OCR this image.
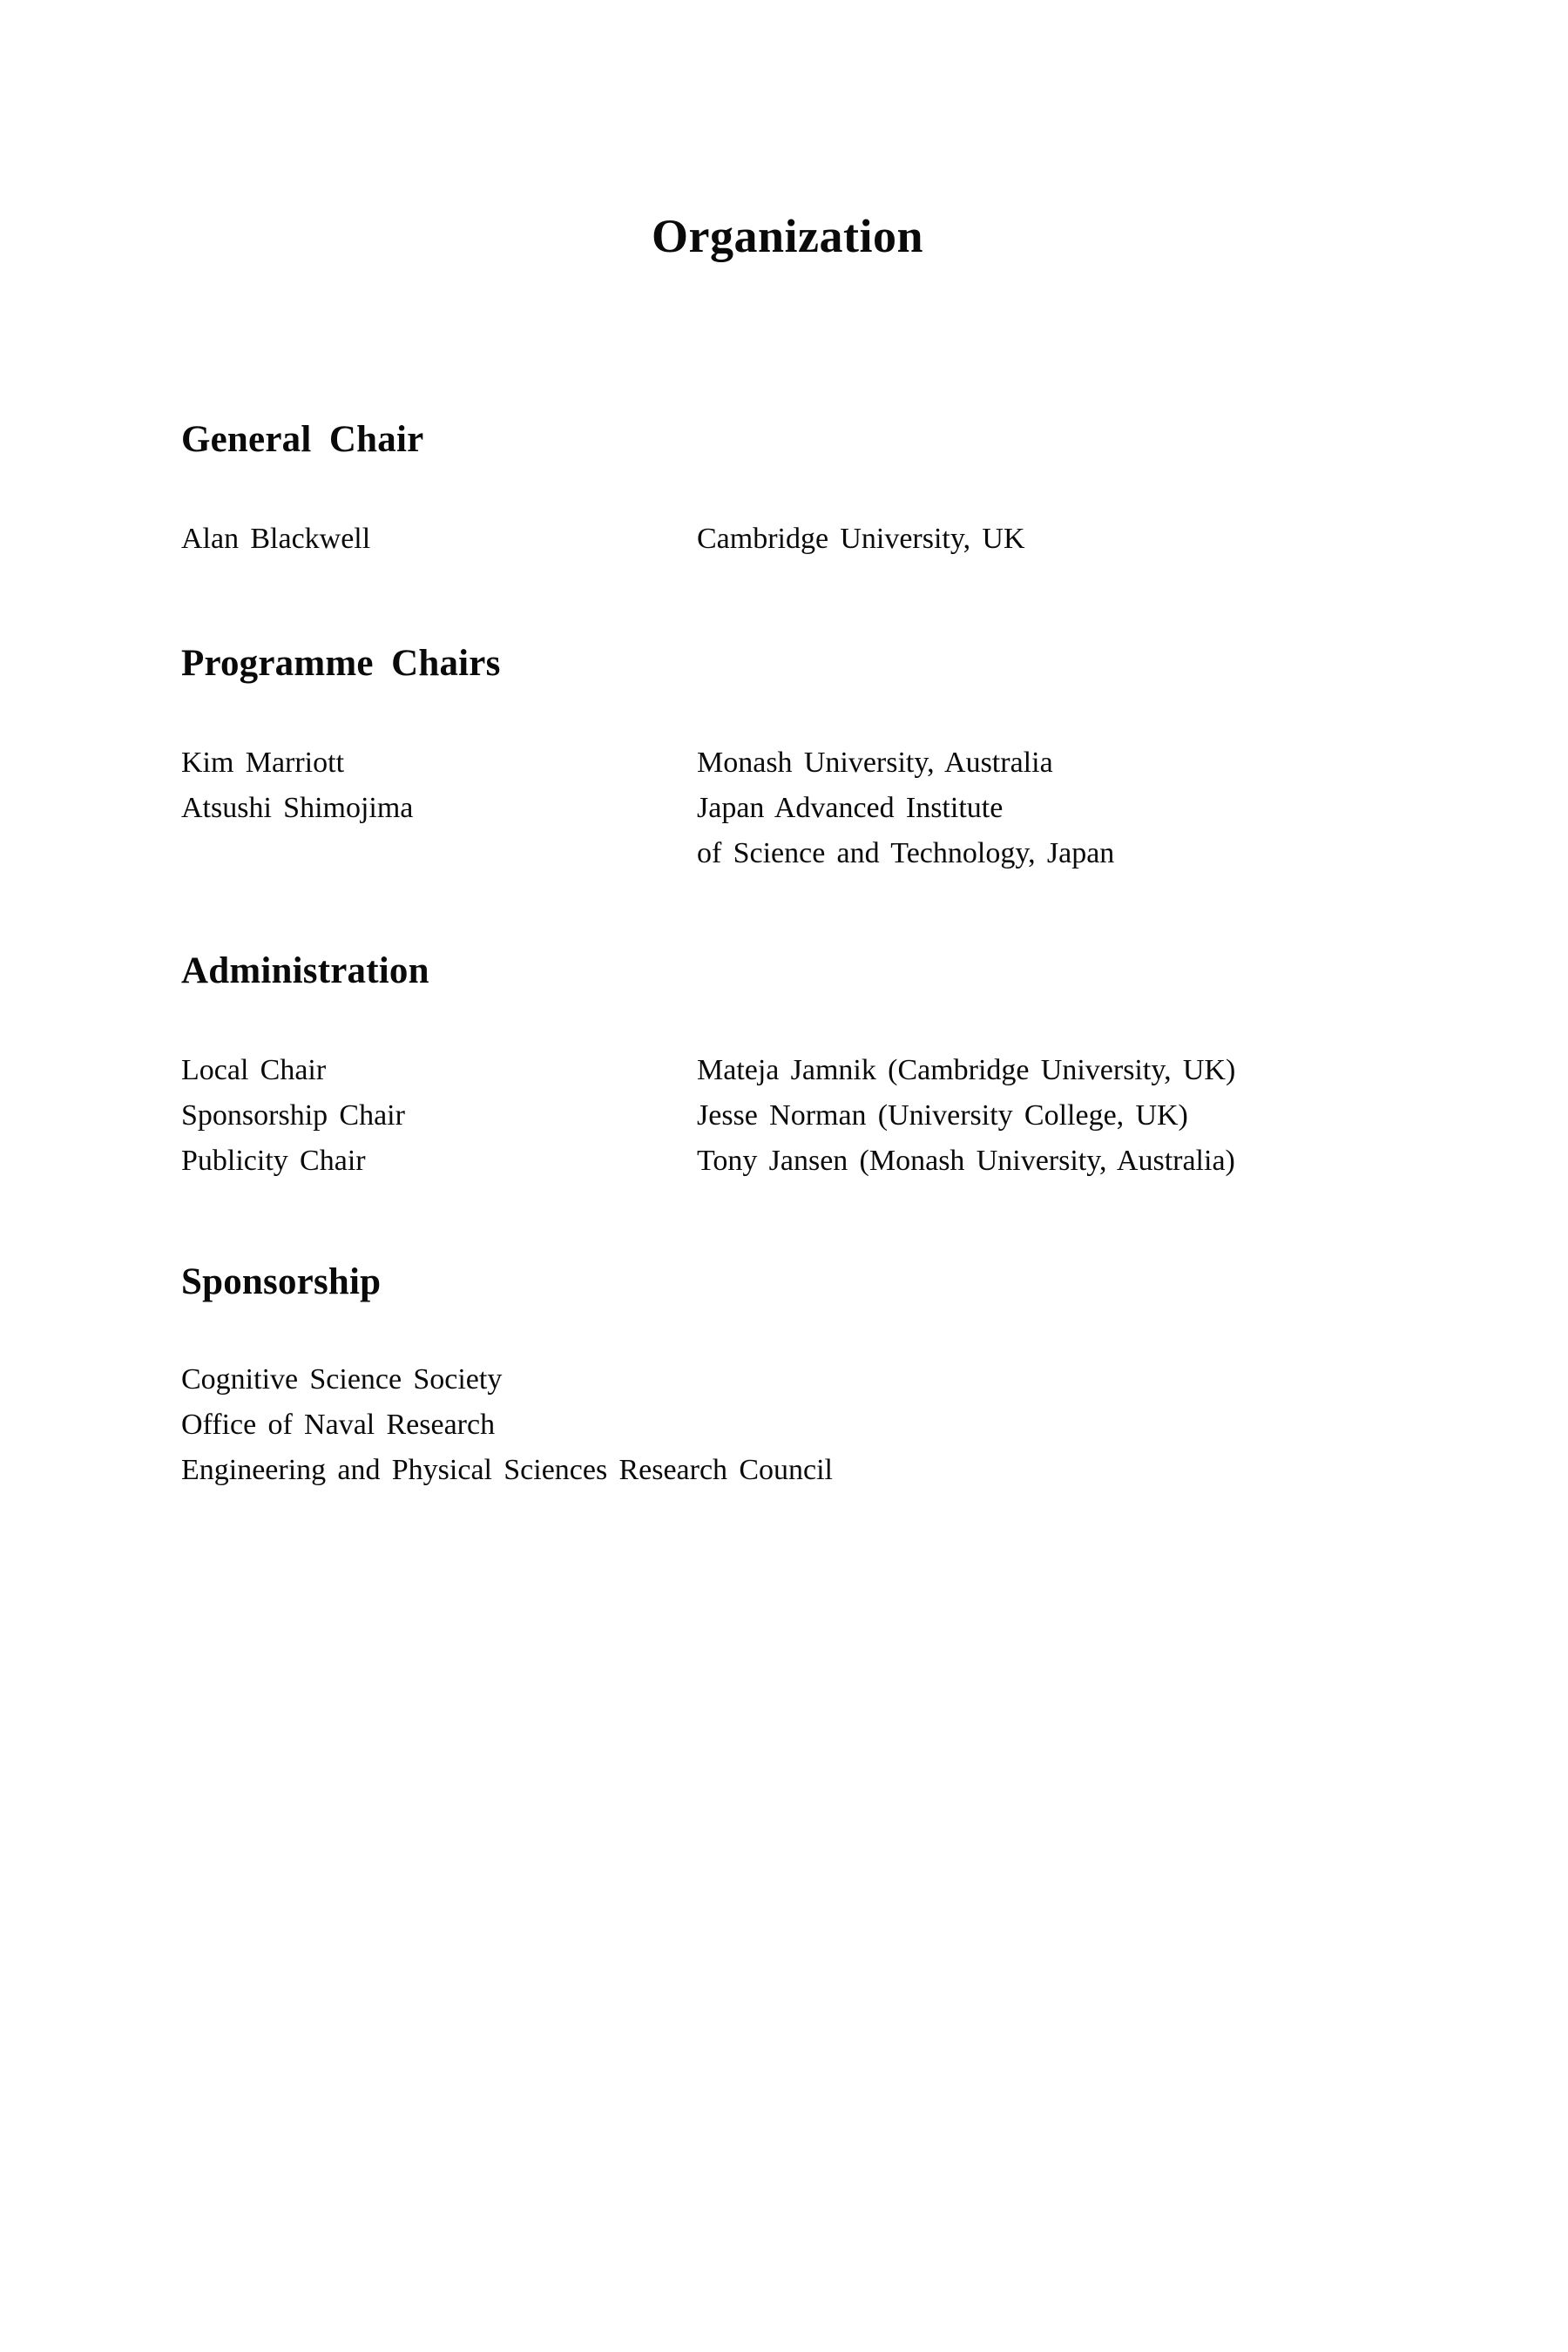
Organization
General Chair
Alan Blackwell	Cambridge University, UK
Programme Chairs
Kim Marriott	Monash University, Australia
Atsushi Shimojima	Japan Advanced Institute
of Science and Technology, Japan
Administration
Local Chair	Mateja Jamnik (Cambridge University, UK)
Sponsorship Chair	Jesse Norman (University College, UK)
Publicity Chair	Tony Jansen (Monash University, Australia)
Sponsorship
Cognitive Science Society
Office of Naval Research
Engineering and Physical Sciences Research Council
